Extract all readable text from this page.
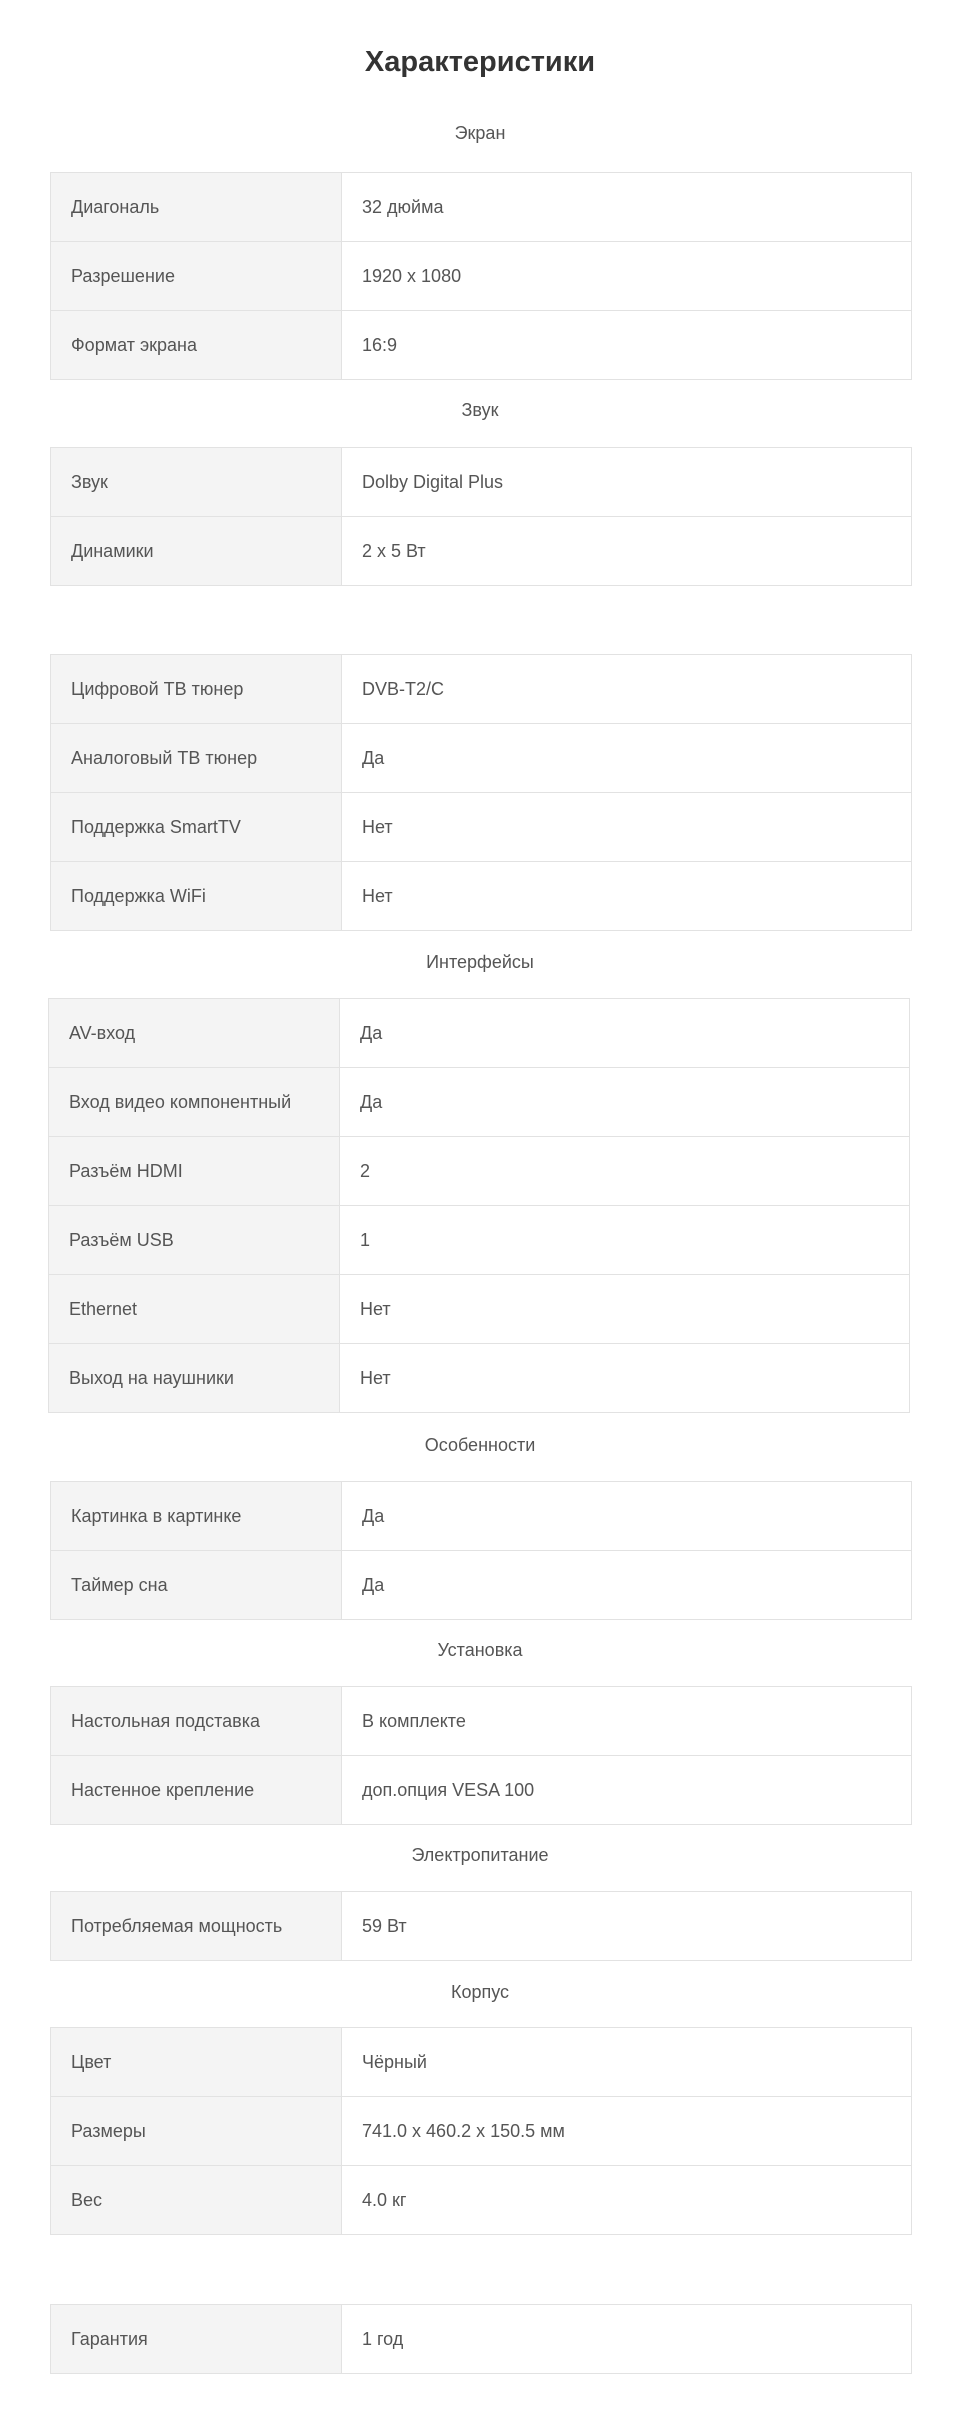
Характеристики
Экран
Диагональ	32 дюйма
Разрешение	1920 x 1080
Формат экрана	16:9
Звук
Звук	Dolby Digital Plus
Динамики	2 x 5 Вт
Цифровой ТВ тюнер	DVB-T2/C
Аналоговый ТВ тюнер	Да
Поддержка SmartTV	Нет
Поддержка WiFi	Нет
Интерфейсы
AV-вход	Да
Вход видео компонентный	Да
Разъём HDMI	2
Разъём USB	1
Ethernet	Нет
Выход на наушники	Нет
Особенности
Картинка в картинке	Да
Таймер сна	Да
Установка
Настольная подставка	В комплекте
Настенное крепление	доп.опция VESA 100
Электропитание
Потребляемая мощность	59 Вт
Корпус
Цвет	Чёрный
Размеры	741.0 x 460.2 x 150.5 мм
Вес	4.0 кг
Гарантия	1 год
